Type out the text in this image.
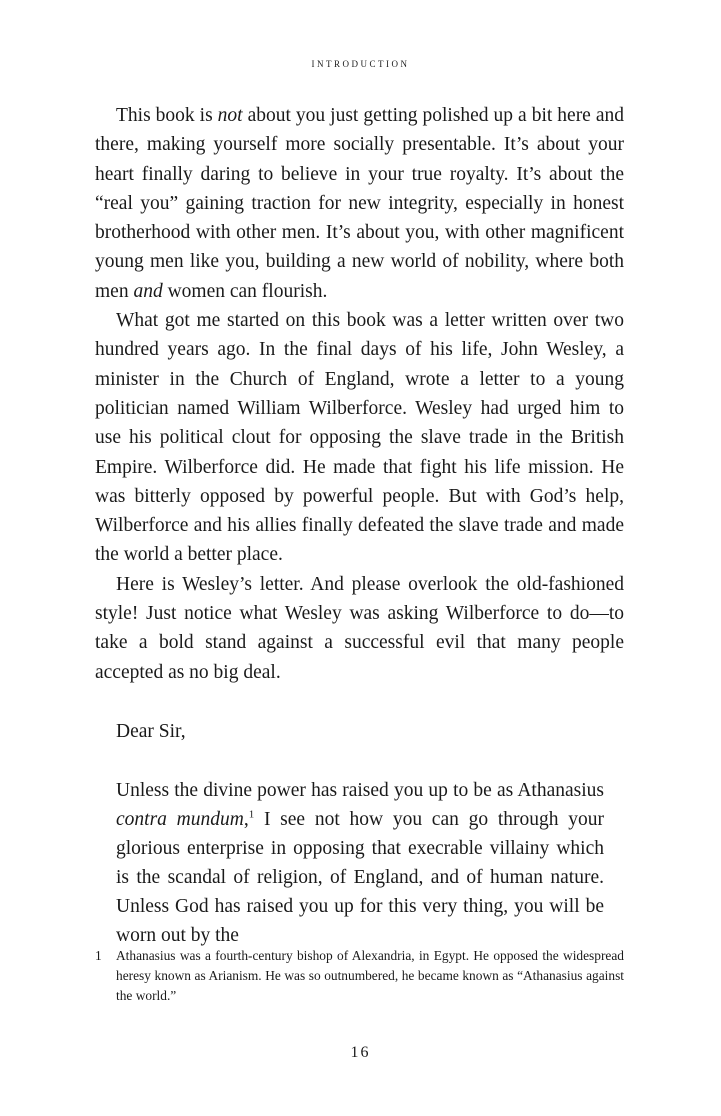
introduction

This book is not about you just getting polished up a bit here and there, making yourself more socially presentable. It’s about your heart finally daring to believe in your true royalty. It’s about the “real you” gaining traction for new integrity, especially in honest brotherhood with other men. It’s about you, with other magnificent young men like you, building a new world of nobility, where both men and women can flourish.

What got me started on this book was a letter written over two hundred years ago. In the final days of his life, John Wesley, a minister in the Church of England, wrote a letter to a young politician named William Wilberforce. Wesley had urged him to use his political clout for opposing the slave trade in the British Empire. Wilberforce did. He made that fight his life mission. He was bitterly opposed by powerful people. But with God’s help, Wilberforce and his allies finally defeated the slave trade and made the world a better place.

Here is Wesley’s letter. And please overlook the old-fashioned style! Just notice what Wesley was asking Wilberforce to do—to take a bold stand against a successful evil that many people accepted as no big deal.

Dear Sir,

Unless the divine power has raised you up to be as Athanasius contra mundum,$^1$ I see not how you can go through your glorious enterprise in opposing that execrable villainy which is the scandal of religion, of England, and of human nature. Unless God has raised you up for this very thing, you will be worn out by the

1	Athanasius was a fourth-century bishop of Alexandria, in Egypt. He opposed the widespread heresy known as Arianism. He was so outnumbered, he became known as “Athanasius against the world.”
16
